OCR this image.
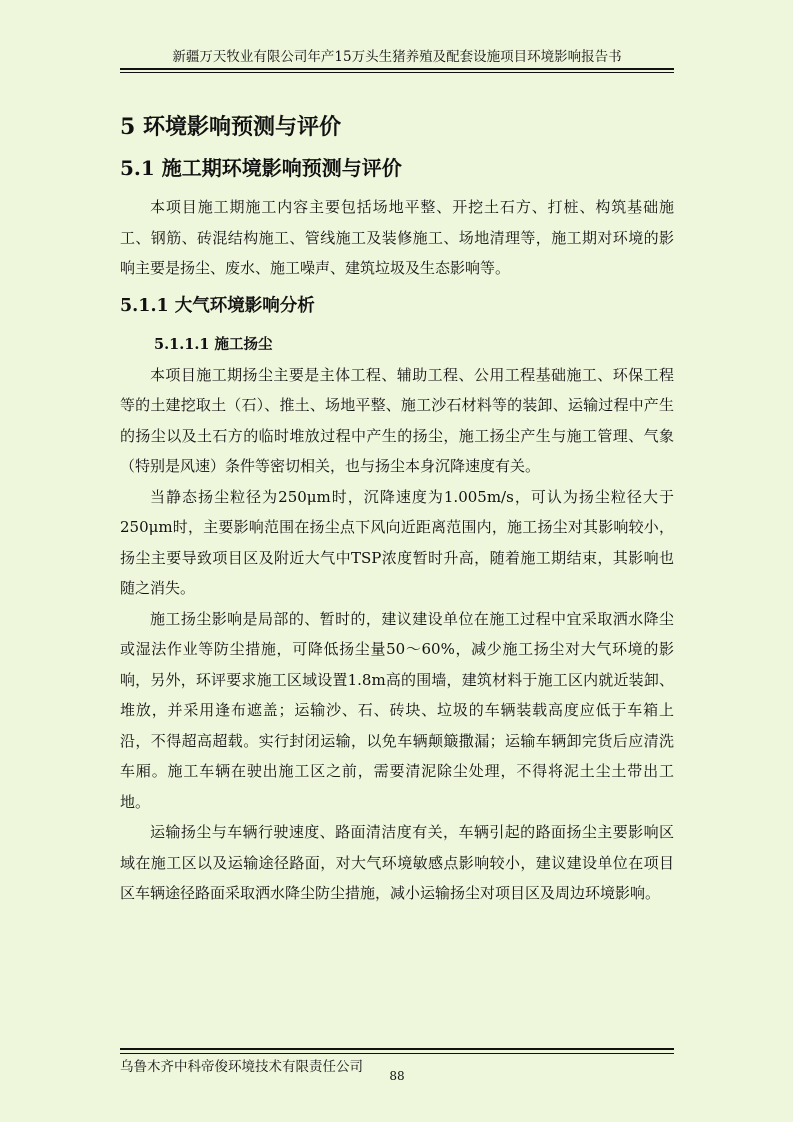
新疆万天牧业有限公司年产15万头生猪养殖及配套设施项目环境影响报告书
5 环境影响预测与评价
5.1 施工期环境影响预测与评价

本项目施工期施工内容主要包括场地平整、开挖土石方、打桩、构筑基础施工、钢筋、砖混结构施工、管线施工及装修施工、场地清理等，施工期对环境的影响主要是扬尘、废水、施工噪声、建筑垃圾及生态影响等。

5.1.1 大气环境影响分析
5.1.1.1 施工扬尘

本项目施工期扬尘主要是主体工程、辅助工程、公用工程基础施工、环保工程等的土建挖取土（石）、推土、场地平整、施工沙石材料等的装卸、运输过程中产生的扬尘以及土石方的临时堆放过程中产生的扬尘，施工扬尘产生与施工管理、气象（特别是风速）条件等密切相关，也与扬尘本身沉降速度有关。

当静态扬尘粒径为250μm时，沉降速度为1.005m/s，可认为扬尘粒径大于250μm时，主要影响范围在扬尘点下风向近距离范围内，施工扬尘对其影响较小，扬尘主要导致项目区及附近大气中TSP浓度暂时升高，随着施工期结束，其影响也随之消失。

施工扬尘影响是局部的、暂时的，建议建设单位在施工过程中宜采取洒水降尘或湿法作业等防尘措施，可降低扬尘量50～60%，减少施工扬尘对大气环境的影响，另外，环评要求施工区域设置1.8m高的围墙，建筑材料于施工区内就近装卸、堆放，并采用逢布遮盖；运输沙、石、砖块、垃圾的车辆装载高度应低于车箱上沿，不得超高超载。实行封闭运输，以免车辆颠簸撒漏；运输车辆卸完货后应清洗车厢。施工车辆在驶出施工区之前，需要清泥除尘处理，不得将泥土尘土带出工地。

运输扬尘与车辆行驶速度、路面清洁度有关，车辆引起的路面扬尘主要影响区域在施工区以及运输途径路面，对大气环境敏感点影响较小，建议建设单位在项目区车辆途径路面采取洒水降尘防尘措施，减小运输扬尘对项目区及周边环境影响。

乌鲁木齐中科帝俊环境技术有限责任公司
88
